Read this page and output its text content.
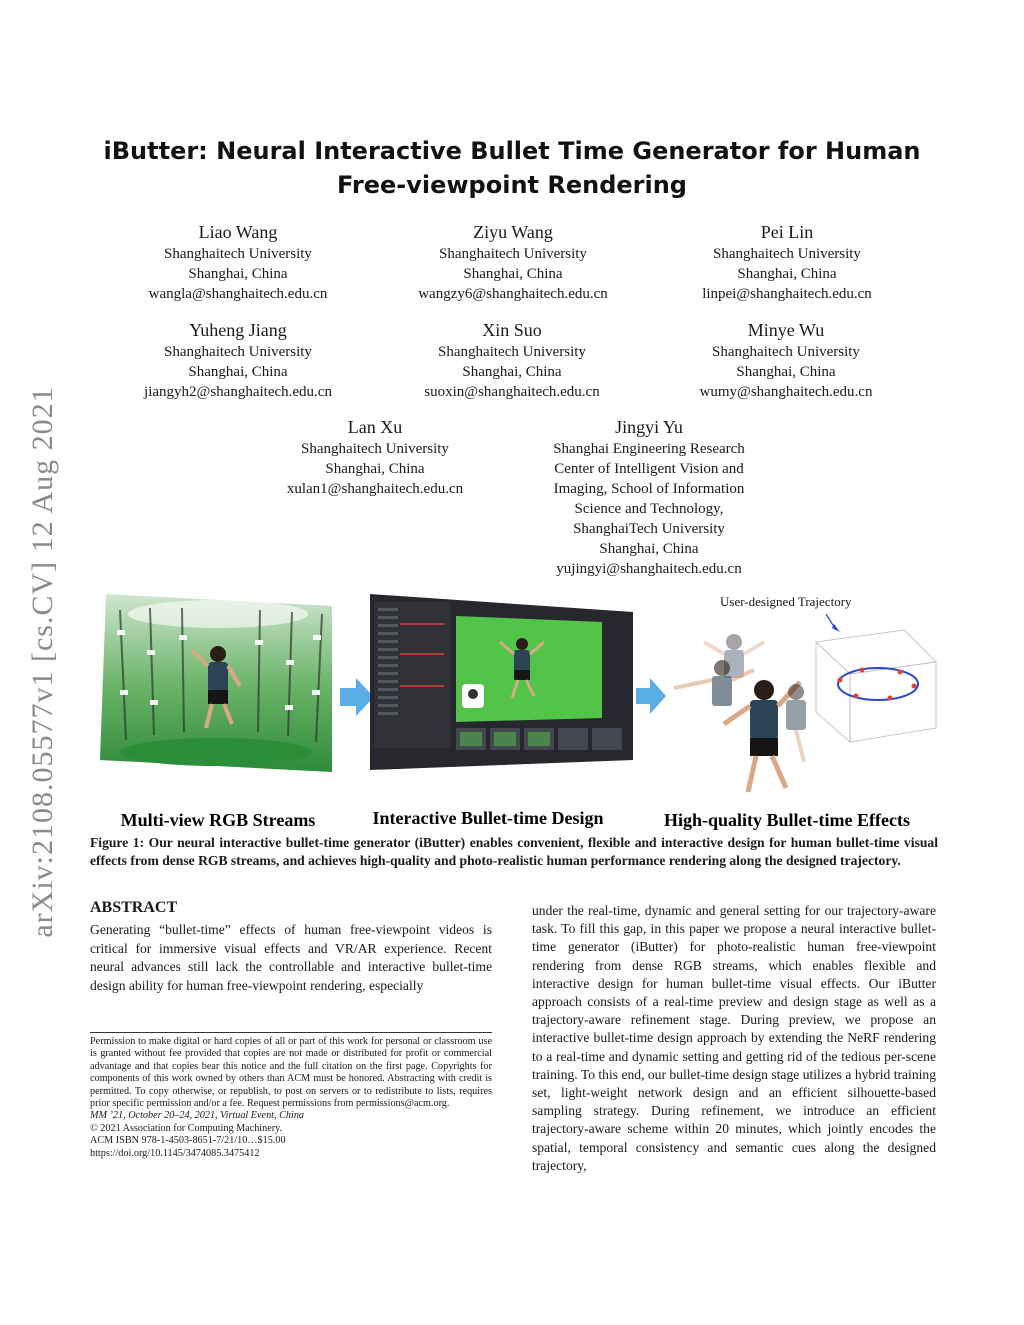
arXiv:2108.05577v1 [cs.CV] 12 Aug 2021
iButter: Neural Interactive Bullet Time Generator for Human
Free-viewpoint Rendering
Liao Wang
Shanghaitech University
Shanghai, China
wangla@shanghaitech.edu.cn
Ziyu Wang
Shanghaitech University
Shanghai, China
wangzy6@shanghaitech.edu.cn
Pei Lin
Shanghaitech University
Shanghai, China
linpei@shanghaitech.edu.cn
Yuheng Jiang
Shanghaitech University
Shanghai, China
jiangyh2@shanghaitech.edu.cn
Xin Suo
Shanghaitech University
Shanghai, China
suoxin@shanghaitech.edu.cn
Minye Wu
Shanghaitech University
Shanghai, China
wumy@shanghaitech.edu.cn
Lan Xu
Shanghaitech University
Shanghai, China
xulan1@shanghaitech.edu.cn
Jingyi Yu
Shanghai Engineering Research
Center of Intelligent Vision and
Imaging, School of Information
Science and Technology,
ShanghaiTech University
Shanghai, China
yujingyi@shanghaitech.edu.cn
User-designed Trajectory
Multi-view RGB Streams	Interactive Bullet-time Design	High-quality Bullet-time Effects
Figure 1: Our neural interactive bullet-time generator (iButter) enables convenient, flexible and interactive design for human bullet-time visual effects from dense RGB streams, and achieves high-quality and photo-realistic human performance rendering along the designed trajectory.
ABSTRACT
Generating “bullet-time” effects of human free-viewpoint videos is critical for immersive visual effects and VR/AR experience. Recent neural advances still lack the controllable and interactive bullet-time design ability for human free-viewpoint rendering, especially
under the real-time, dynamic and general setting for our trajectory-aware task. To fill this gap, in this paper we propose a neural interactive bullet-time generator (iButter) for photo-realistic human free-viewpoint rendering from dense RGB streams, which enables flexible and interactive design for human bullet-time visual effects. Our iButter approach consists of a real-time preview and design stage as well as a trajectory-aware refinement stage. During preview, we propose an interactive bullet-time design approach by extending the NeRF rendering to a real-time and dynamic setting and getting rid of the tedious per-scene training. To this end, our bullet-time design stage utilizes a hybrid training set, light-weight network design and an efficient silhouette-based sampling strategy. During refinement, we introduce an efficient trajectory-aware scheme within 20 minutes, which jointly encodes the spatial, temporal consistency and semantic cues along the designed trajectory,
Permission to make digital or hard copies of all or part of this work for personal or classroom use is granted without fee provided that copies are not made or distributed for profit or commercial advantage and that copies bear this notice and the full citation on the first page. Copyrights for components of this work owned by others than ACM must be honored. Abstracting with credit is permitted. To copy otherwise, or republish, to post on servers or to redistribute to lists, requires prior specific permission and/or a fee. Request permissions from permissions@acm.org.
MM ’21, October 20–24, 2021, Virtual Event, China
© 2021 Association for Computing Machinery.
ACM ISBN 978-1-4503-8651-7/21/10…$15.00
https://doi.org/10.1145/3474085.3475412
